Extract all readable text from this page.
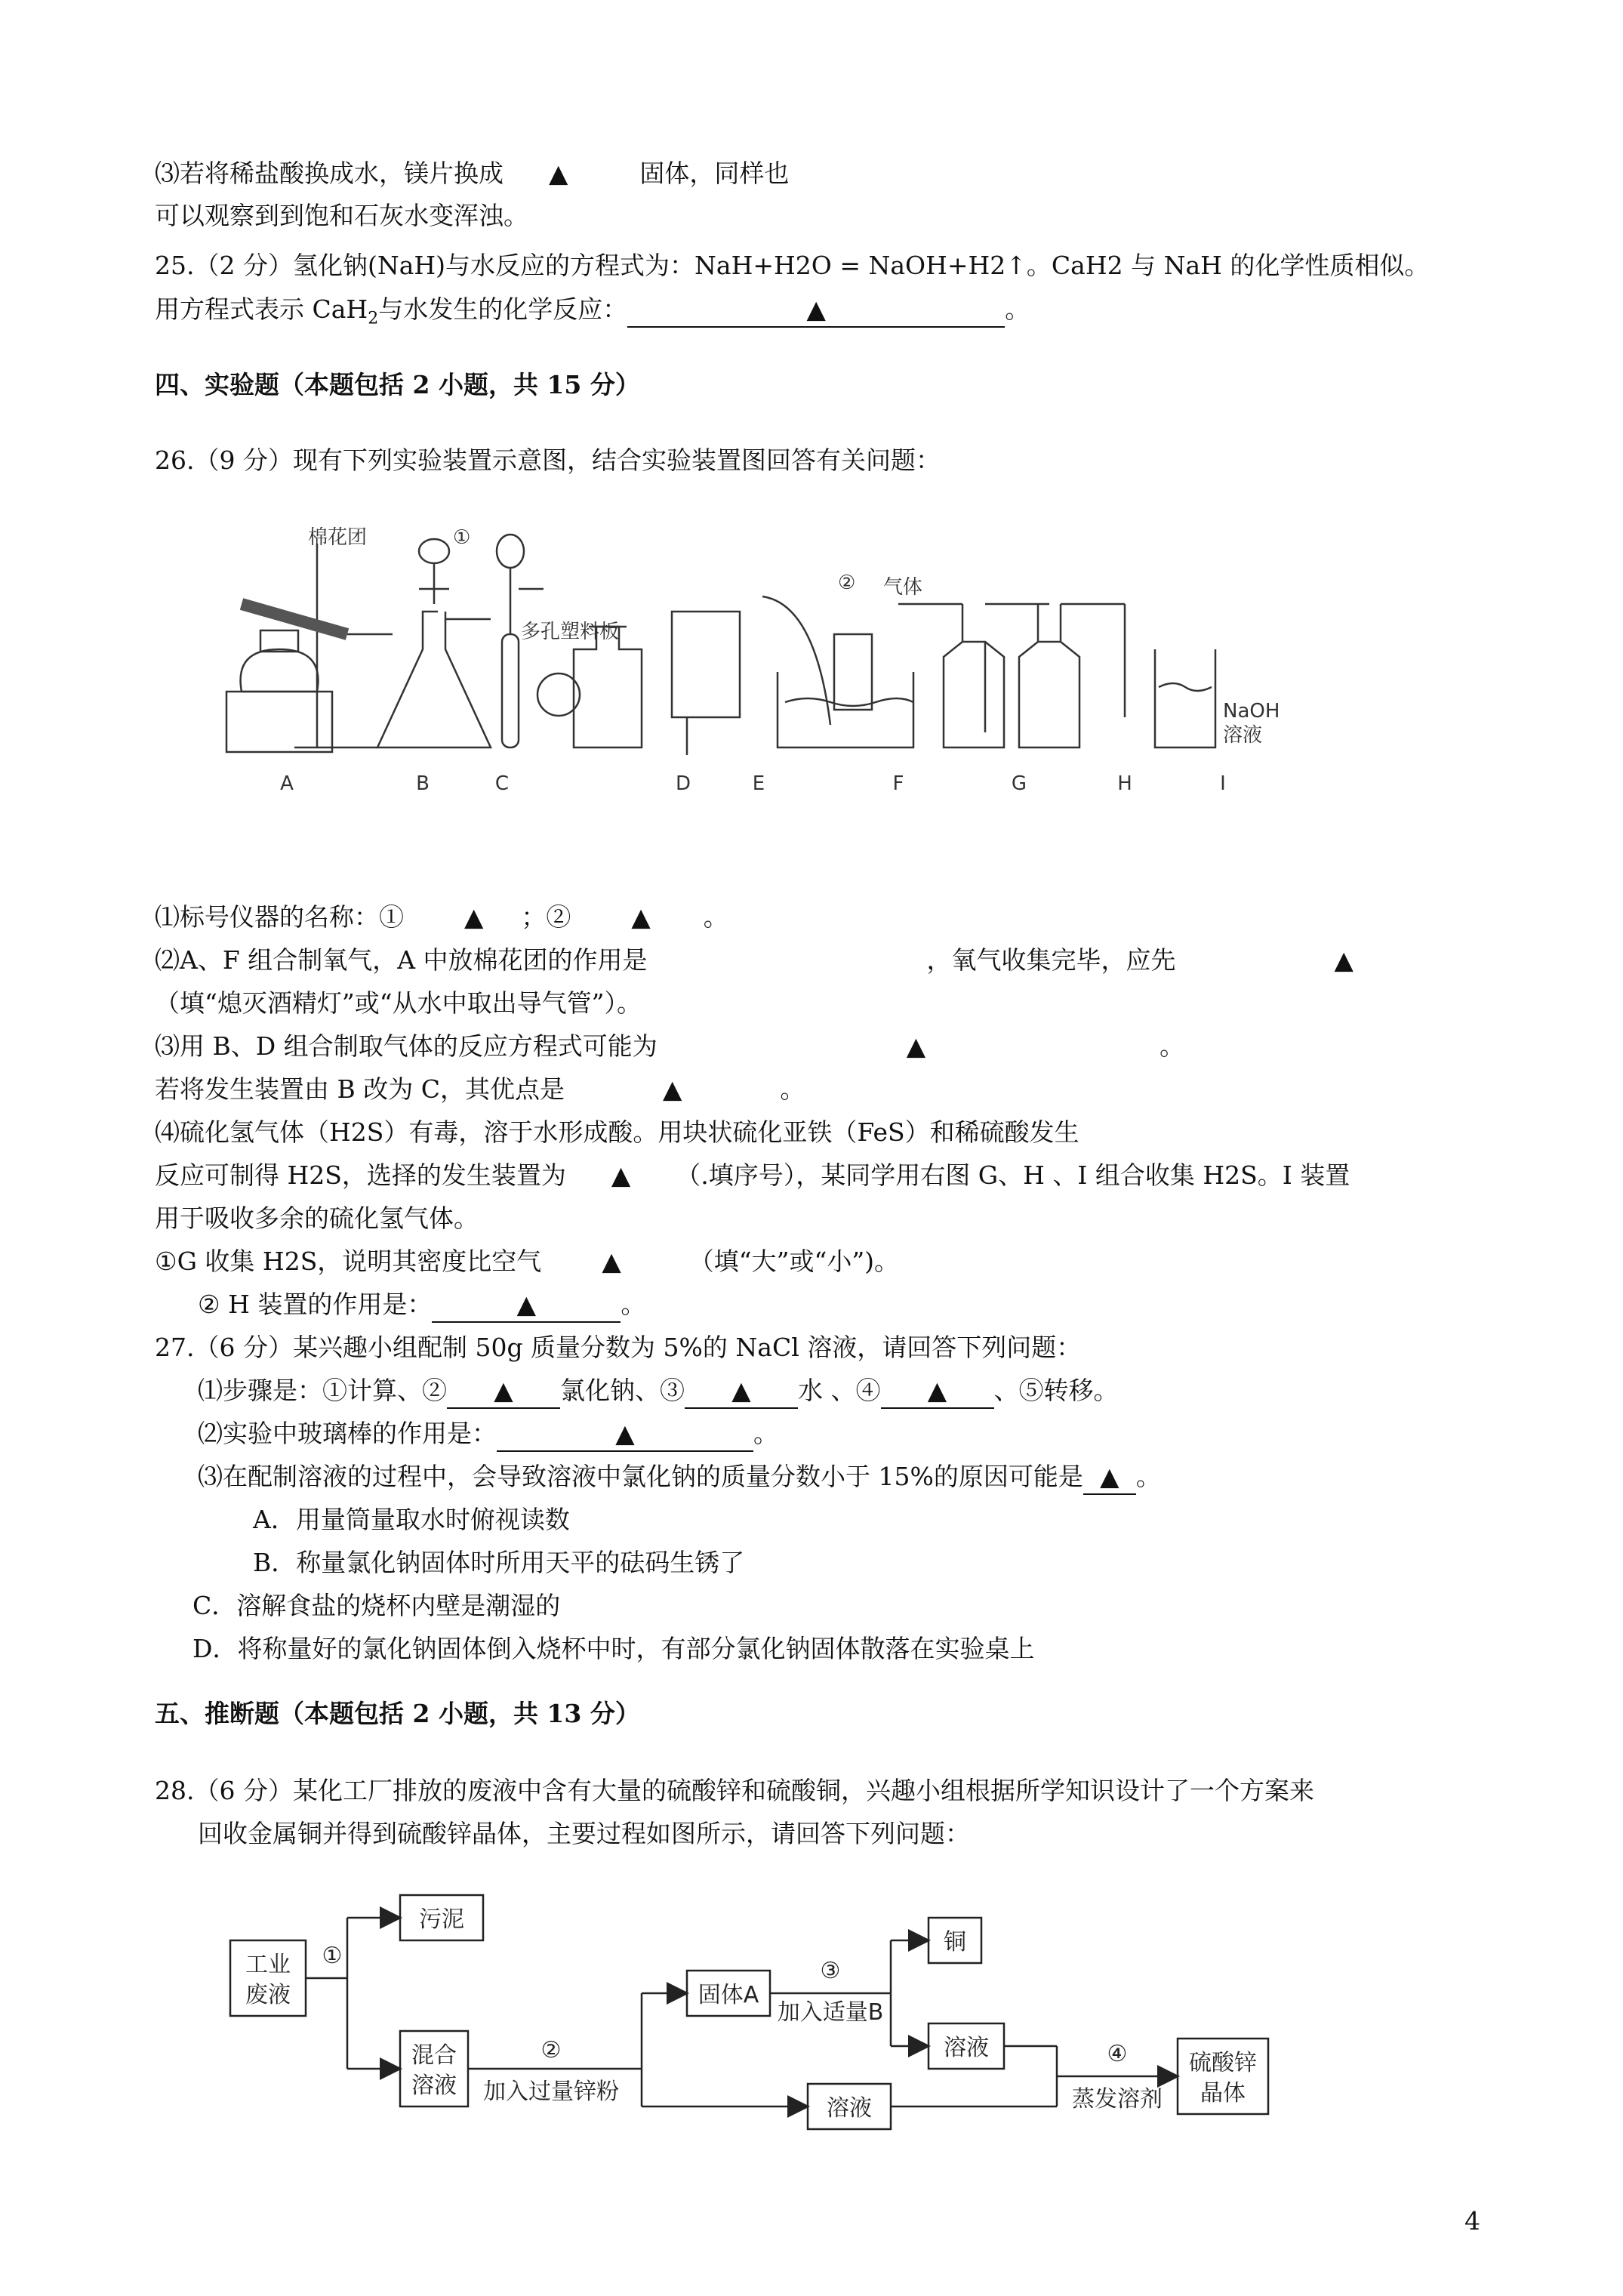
⑶若将稀盐酸换成水，镁片换成 ▲	固体，同样也
可以观察到到饱和石灰水变浑浊。
25.（2 分）氢化钠(NaH)与水反应的方程式为：NaH+H2O = NaOH+H2↑。CaH2 与 NaH 的化学性质相似。
用方程式表示 CaH$_2$与水发生的化学反应：	▲	。
四、实验题（本题包括 2 小题，共 15 分）
26.（9 分）现有下列实验装置示意图，结合实验装置图回答有关问题：
棉花团	①
多孔塑料板
② 气体
NaOH
溶液
A	B	C	D	E	F	G	H	I
⑴标号仪器的名称：① ▲ ；② ▲ 。
⑵A、F 组合制氧气，A 中放棉花团的作用是	，氧气收集完毕，应先	▲
（填“熄灭酒精灯”或“从水中取出导气管”）。
⑶用 B、D 组合制取气体的反应方程式可能为	▲	。
若将发生装置由 B 改为 C，其优点是	▲	。
⑷硫化氢气体（H2S）有毒，溶于水形成酸。用块状硫化亚铁（FeS）和稀硫酸发生
反应可制得 H2S，选择的发生装置为 ▲ （.填序号），某同学用右图 G、H 、I 组合收集 H2S。I 装置
用于吸收多余的硫化氢气体。
①G 收集 H2S，说明其密度比空气 ▲	（填“大”或“小”)。
② H 装置的作用是：	▲	。
27.（6 分）某兴趣小组配制 50g 质量分数为 5%的 NaCl 溶液，请回答下列问题：
⑴步骤是：①计算、② ▲ 氯化钠、③ ▲ 水 、④ ▲ 、⑤转移。
⑵实验中玻璃棒的作用是：	▲	。
⑶在配制溶液的过程中，会导致溶液中氯化钠的质量分数小于 15%的原因可能是 ▲ 。
A．用量筒量取水时俯视读数
B．称量氯化钠固体时所用天平的砝码生锈了
C．溶解食盐的烧杯内壁是潮湿的
D．将称量好的氯化钠固体倒入烧杯中时，有部分氯化钠固体散落在实验桌上
五、推断题（本题包括 2 小题，共 13 分）
28.（6 分）某化工厂排放的废液中含有大量的硫酸锌和硫酸铜，兴趣小组根据所学知识设计了一个方案来
回收金属铜并得到硫酸锌晶体，主要过程如图所示，请回答下列问题：
工业
废液
①
污泥
混合
溶液
②
加入过量锌粉
固体A
③
加入适量B
铜
溶液
溶液
④
蒸发溶剂
硫酸锌
晶体
4
